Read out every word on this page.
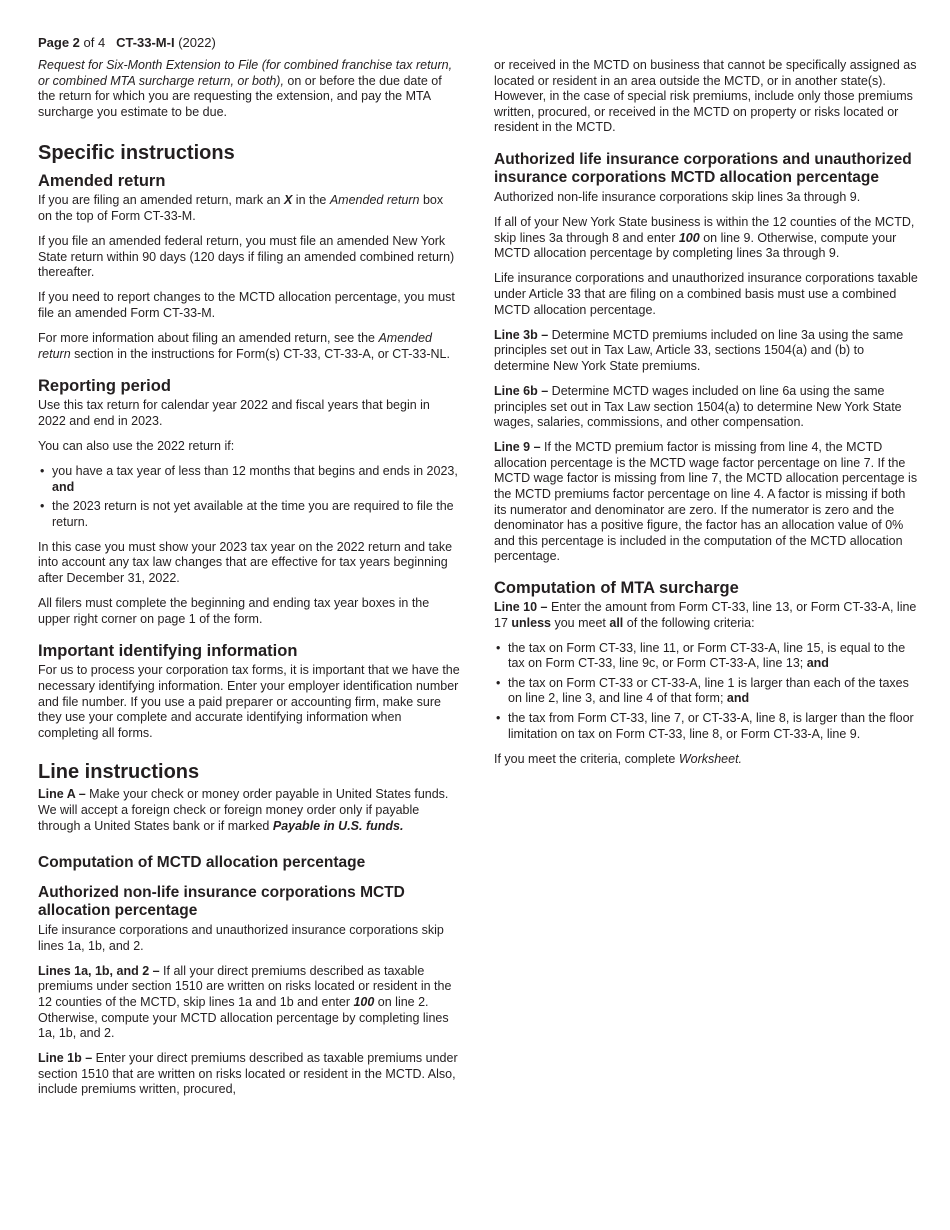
Page 2 of 4 CT-33-M-I (2022)

Request for Six-Month Extension to File (for combined franchise tax return, or combined MTA surcharge return, or both), on or before the due date of the return for which you are requesting the extension, and pay the MTA surcharge you estimate to be due.

Specific instructions
Amended return

If you are filing an amended return, mark an X in the Amended return box on the top of Form CT-33-M.

If you file an amended federal return, you must file an amended New York State return within 90 days (120 days if filing an amended combined return) thereafter.

If you need to report changes to the MCTD allocation percentage, you must file an amended Form CT-33-M.

For more information about filing an amended return, see the Amended return section in the instructions for Form(s) CT-33, CT-33-A, or CT-33-NL.

Reporting period

Use this tax return for calendar year 2022 and fiscal years that begin in 2022 and end in 2023.

You can also use the 2022 return if:

• you have a tax year of less than 12 months that begins and ends in 2023, and
• the 2023 return is not yet available at the time you are required to file the return.

In this case you must show your 2023 tax year on the 2022 return and take into account any tax law changes that are effective for tax years beginning after December 31, 2022.

All filers must complete the beginning and ending tax year boxes in the upper right corner on page 1 of the form.

Important identifying information

For us to process your corporation tax forms, it is important that we have the necessary identifying information. Enter your employer identification number and file number. If you use a paid preparer or accounting firm, make sure they use your complete and accurate identifying information when completing all forms.

Line instructions

Line A – Make your check or money order payable in United States funds. We will accept a foreign check or foreign money order only if payable through a United States bank or if marked Payable in U.S. funds.

Computation of MCTD allocation percentage
Authorized non-life insurance corporations MCTD allocation percentage

Life insurance corporations and unauthorized insurance corporations skip lines 1a, 1b, and 2.

Lines 1a, 1b, and 2 – If all your direct premiums described as taxable premiums under section 1510 are written on risks located or resident in the 12 counties of the MCTD, skip lines 1a and 1b and enter 100 on line 2. Otherwise, compute your MCTD allocation percentage by completing lines 1a, 1b, and 2.

Line 1b – Enter your direct premiums described as taxable premiums under section 1510 that are written on risks located or resident in the MCTD. Also, include premiums written, procured,

or received in the MCTD on business that cannot be specifically assigned as located or resident in an area outside the MCTD, or in another state(s). However, in the case of special risk premiums, include only those premiums written, procured, or received in the MCTD on property or risks located or resident in the MCTD.

Authorized life insurance corporations and unauthorized insurance corporations MCTD allocation percentage

Authorized non-life insurance corporations skip lines 3a through 9.

If all of your New York State business is within the 12 counties of the MCTD, skip lines 3a through 8 and enter 100 on line 9. Otherwise, compute your MCTD allocation percentage by completing lines 3a through 9.

Life insurance corporations and unauthorized insurance corporations taxable under Article 33 that are filing on a combined basis must use a combined MCTD allocation percentage.

Line 3b – Determine MCTD premiums included on line 3a using the same principles set out in Tax Law, Article 33, sections 1504(a) and (b) to determine New York State premiums.

Line 6b – Determine MCTD wages included on line 6a using the same principles set out in Tax Law section 1504(a) to determine New York State wages, salaries, commissions, and other compensation.

Line 9 – If the MCTD premium factor is missing from line 4, the MCTD allocation percentage is the MCTD wage factor percentage on line 7. If the MCTD wage factor is missing from line 7, the MCTD allocation percentage is the MCTD premiums factor percentage on line 4. A factor is missing if both its numerator and denominator are zero. If the numerator is zero and the denominator has a positive figure, the factor has an allocation value of 0% and this percentage is included in the computation of the MCTD allocation percentage.

Computation of MTA surcharge

Line 10 – Enter the amount from Form CT-33, line 13, or Form CT-33-A, line 17 unless you meet all of the following criteria:

• the tax on Form CT-33, line 11, or Form CT-33-A, line 15, is equal to the tax on Form CT-33, line 9c, or Form CT-33-A, line 13; and
• the tax on Form CT-33 or CT-33-A, line 1 is larger than each of the taxes on line 2, line 3, and line 4 of that form; and
• the tax from Form CT-33, line 7, or CT-33-A, line 8, is larger than the floor limitation on tax on Form CT-33, line 8, or Form CT-33-A, line 9.

If you meet the criteria, complete Worksheet.
